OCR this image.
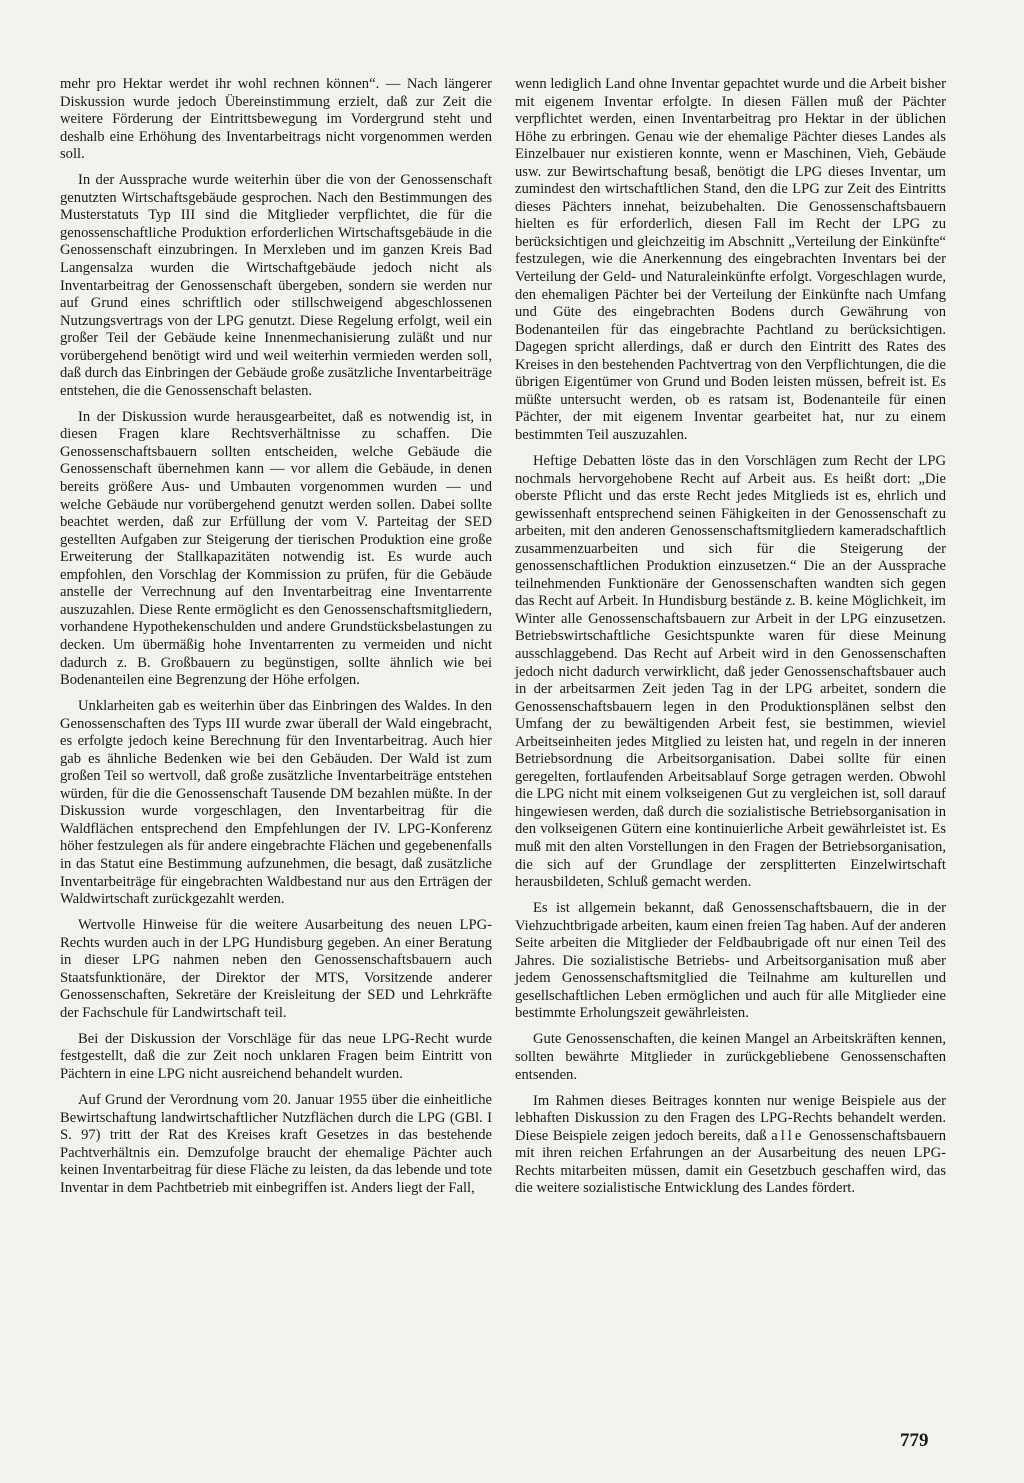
mehr pro Hektar werdet ihr wohl rechnen können“. — Nach längerer Diskussion wurde jedoch Übereinstimmung erzielt, daß zur Zeit die weitere Förderung der Eintrittsbewegung im Vordergrund steht und deshalb eine Erhöhung des Inventarbeitrags nicht vorgenommen werden soll.

In der Aussprache wurde weiterhin über die von der Genossenschaft genutzten Wirtschaftsgebäude gesprochen. Nach den Bestimmungen des Musterstatuts Typ III sind die Mitglieder verpflichtet, die für die genossenschaftliche Produktion erforderlichen Wirtschaftsgebäude in die Genossenschaft einzubringen. In Merxleben und im ganzen Kreis Bad Langensalza wurden die Wirtschaftgebäude jedoch nicht als Inventarbeitrag der Genossenschaft übergeben, sondern sie werden nur auf Grund eines schriftlich oder stillschweigend abgeschlossenen Nutzungsvertrags von der LPG genutzt. Diese Regelung erfolgt, weil ein großer Teil der Gebäude keine Innenmechanisierung zuläßt und nur vorübergehend benötigt wird und weil weiterhin vermieden werden soll, daß durch das Einbringen der Gebäude große zusätzliche Inventarbeiträge entstehen, die die Genossenschaft belasten.

In der Diskussion wurde herausgearbeitet, daß es notwendig ist, in diesen Fragen klare Rechtsverhältnisse zu schaffen. Die Genossenschaftsbauern sollten entscheiden, welche Gebäude die Genossenschaft übernehmen kann — vor allem die Gebäude, in denen bereits größere Aus- und Umbauten vorgenommen wurden — und welche Gebäude nur vorübergehend genutzt werden sollen. Dabei sollte beachtet werden, daß zur Erfüllung der vom V. Parteitag der SED gestellten Aufgaben zur Steigerung der tierischen Produktion eine große Erweiterung der Stallkapazitäten notwendig ist. Es wurde auch empfohlen, den Vorschlag der Kommission zu prüfen, für die Gebäude anstelle der Verrechnung auf den Inventarbeitrag eine Inventarrente auszuzahlen. Diese Rente ermöglicht es den Genossenschaftsmitgliedern, vorhandene Hypothekenschulden und andere Grundstücksbelastungen zu decken. Um übermäßig hohe Inventarrenten zu vermeiden und nicht dadurch z. B. Großbauern zu begünstigen, sollte ähnlich wie bei Bodenanteilen eine Begrenzung der Höhe erfolgen.

Unklarheiten gab es weiterhin über das Einbringen des Waldes. In den Genossenschaften des Typs III wurde zwar überall der Wald eingebracht, es erfolgte jedoch keine Berechnung für den Inventarbeitrag. Auch hier gab es ähnliche Bedenken wie bei den Gebäuden. Der Wald ist zum großen Teil so wertvoll, daß große zusätzliche Inventarbeiträge entstehen würden, für die die Genossenschaft Tausende DM bezahlen müßte. In der Diskussion wurde vorgeschlagen, den Inventarbeitrag für die Waldflächen entsprechend den Empfehlungen der IV. LPG-Konferenz höher festzulegen als für andere eingebrachte Flächen und gegebenenfalls in das Statut eine Bestimmung aufzunehmen, die besagt, daß zusätzliche Inventarbeiträge für eingebrachten Waldbestand nur aus den Erträgen der Waldwirtschaft zurückgezahlt werden.

Wertvolle Hinweise für die weitere Ausarbeitung des neuen LPG-Rechts wurden auch in der LPG Hundisburg gegeben. An einer Beratung in dieser LPG nahmen neben den Genossenschaftsbauern auch Staatsfunktionäre, der Direktor der MTS, Vorsitzende anderer Genossenschaften, Sekretäre der Kreisleitung der SED und Lehrkräfte der Fachschule für Landwirtschaft teil.

Bei der Diskussion der Vorschläge für das neue LPG-Recht wurde festgestellt, daß die zur Zeit noch unklaren Fragen beim Eintritt von Pächtern in eine LPG nicht ausreichend behandelt wurden.

Auf Grund der Verordnung vom 20. Januar 1955 über die einheitliche Bewirtschaftung landwirtschaftlicher Nutzflächen durch die LPG (GBl. I S. 97) tritt der Rat des Kreises kraft Gesetzes in das bestehende Pachtverhältnis ein. Demzufolge braucht der ehemalige Pächter auch keinen Inventarbeitrag für diese Fläche zu leisten, da das lebende und tote Inventar in dem Pachtbetrieb mit einbegriffen ist. Anders liegt der Fall,

wenn lediglich Land ohne Inventar gepachtet wurde und die Arbeit bisher mit eigenem Inventar erfolgte. In diesen Fällen muß der Pächter verpflichtet werden, einen Inventarbeitrag pro Hektar in der üblichen Höhe zu erbringen. Genau wie der ehemalige Pächter dieses Landes als Einzelbauer nur existieren konnte, wenn er Maschinen, Vieh, Gebäude usw. zur Bewirtschaftung besaß, benötigt die LPG dieses Inventar, um zumindest den wirtschaftlichen Stand, den die LPG zur Zeit des Eintritts dieses Pächters innehat, beizubehalten. Die Genossenschaftsbauern hielten es für erforderlich, diesen Fall im Recht der LPG zu berücksichtigen und gleichzeitig im Abschnitt „Verteilung der Einkünfte“ festzulegen, wie die Anerkennung des eingebrachten Inventars bei der Verteilung der Geld- und Naturaleinkünfte erfolgt. Vorgeschlagen wurde, den ehemaligen Pächter bei der Verteilung der Einkünfte nach Umfang und Güte des eingebrachten Bodens durch Gewährung von Bodenanteilen für das eingebrachte Pachtland zu berücksichtigen. Dagegen spricht allerdings, daß er durch den Eintritt des Rates des Kreises in den bestehenden Pachtvertrag von den Verpflichtungen, die die übrigen Eigentümer von Grund und Boden leisten müssen, befreit ist. Es müßte untersucht werden, ob es ratsam ist, Bodenanteile für einen Pächter, der mit eigenem Inventar gearbeitet hat, nur zu einem bestimmten Teil auszuzahlen.

Heftige Debatten löste das in den Vorschlägen zum Recht der LPG nochmals hervorgehobene Recht auf Arbeit aus. Es heißt dort: „Die oberste Pflicht und das erste Recht jedes Mitglieds ist es, ehrlich und gewissenhaft entsprechend seinen Fähigkeiten in der Genossenschaft zu arbeiten, mit den anderen Genossenschaftsmitgliedern kameradschaftlich zusammenzuarbeiten und sich für die Steigerung der genossenschaftlichen Produktion einzusetzen.“ Die an der Aussprache teilnehmenden Funktionäre der Genossenschaften wandten sich gegen das Recht auf Arbeit. In Hundisburg bestände z. B. keine Möglichkeit, im Winter alle Genossenschaftsbauern zur Arbeit in der LPG einzusetzen. Betriebswirtschaftliche Gesichtspunkte waren für diese Meinung ausschlaggebend. Das Recht auf Arbeit wird in den Genossenschaften jedoch nicht dadurch verwirklicht, daß jeder Genossenschaftsbauer auch in der arbeitsarmen Zeit jeden Tag in der LPG arbeitet, sondern die Genossenschaftsbauern legen in den Produktionsplänen selbst den Umfang der zu bewältigenden Arbeit fest, sie bestimmen, wieviel Arbeitseinheiten jedes Mitglied zu leisten hat, und regeln in der inneren Betriebsordnung die Arbeitsorganisation. Dabei sollte für einen geregelten, fortlaufenden Arbeitsablauf Sorge getragen werden. Obwohl die LPG nicht mit einem volkseigenen Gut zu vergleichen ist, soll darauf hingewiesen werden, daß durch die sozialistische Betriebsorganisation in den volkseigenen Gütern eine kontinuierliche Arbeit gewährleistet ist. Es muß mit den alten Vorstellungen in den Fragen der Betriebsorganisation, die sich auf der Grundlage der zersplitterten Einzelwirtschaft herausbildeten, Schluß gemacht werden.

Es ist allgemein bekannt, daß Genossenschaftsbauern, die in der Viehzuchtbrigade arbeiten, kaum einen freien Tag haben. Auf der anderen Seite arbeiten die Mitglieder der Feldbaubrigade oft nur einen Teil des Jahres. Die sozialistische Betriebs- und Arbeitsorganisation muß aber jedem Genossenschaftsmitglied die Teilnahme am kulturellen und gesellschaftlichen Leben ermöglichen und auch für alle Mitglieder eine bestimmte Erholungszeit gewährleisten.

Gute Genossenschaften, die keinen Mangel an Arbeitskräften kennen, sollten bewährte Mitglieder in zurückgebliebene Genossenschaften entsenden.

Im Rahmen dieses Beitrages konnten nur wenige Beispiele aus der lebhaften Diskussion zu den Fragen des LPG-Rechts behandelt werden. Diese Beispiele zeigen jedoch bereits, daß alle Genossenschaftsbauern mit ihren reichen Erfahrungen an der Ausarbeitung des neuen LPG-Rechts mitarbeiten müssen, damit ein Gesetzbuch geschaffen wird, das die weitere sozialistische Entwicklung des Landes fördert.

779
